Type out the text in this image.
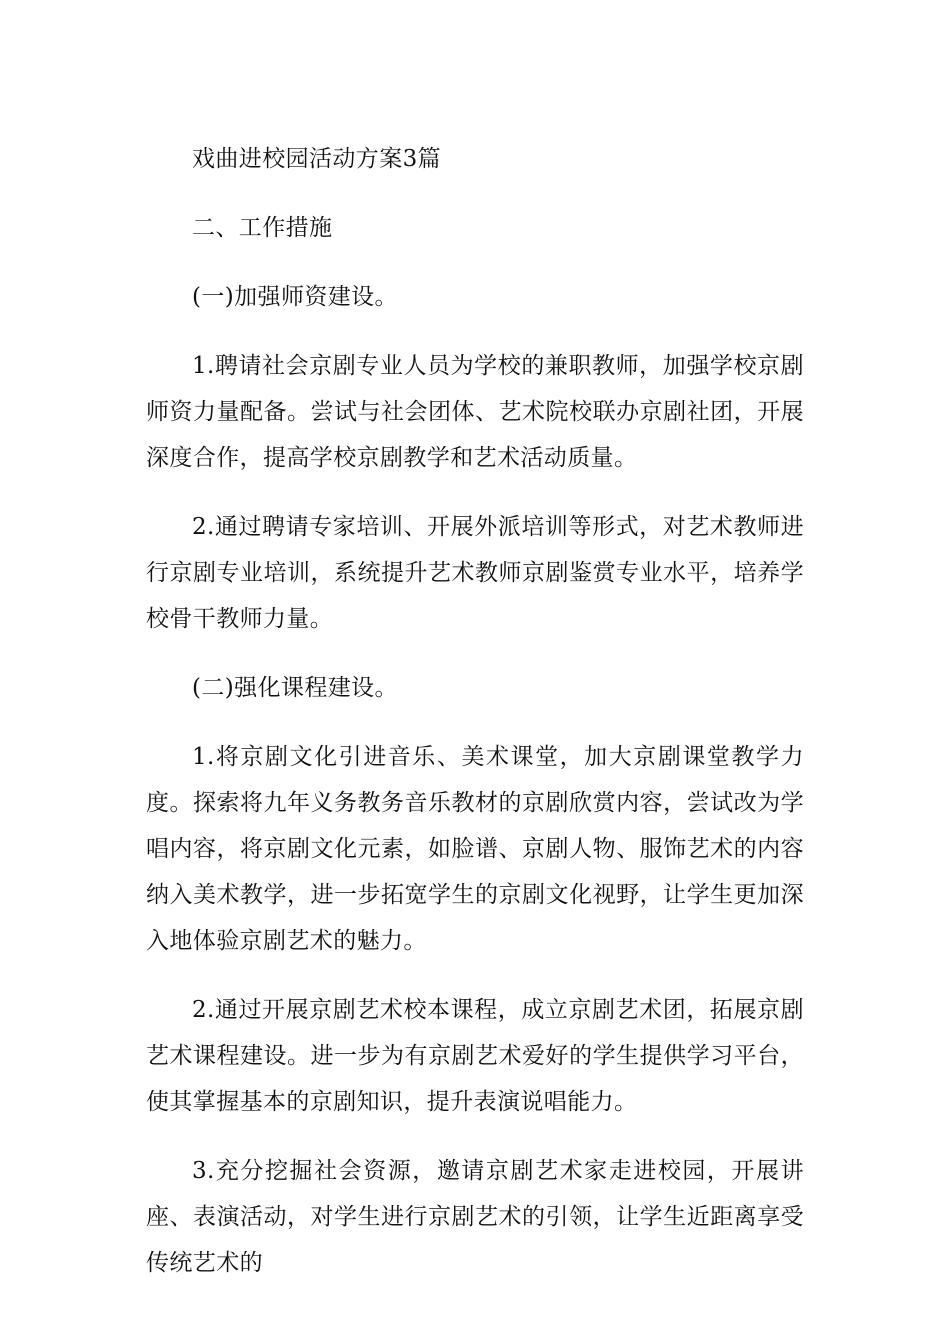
戏曲进校园活动方案3篇

二、工作措施

(一)加强师资建设。

1.聘请社会京剧专业人员为学校的兼职教师，加强学校京剧师资力量配备。尝试与社会团体、艺术院校联办京剧社团，开展深度合作，提高学校京剧教学和艺术活动质量。

2.通过聘请专家培训、开展外派培训等形式，对艺术教师进行京剧专业培训，系统提升艺术教师京剧鉴赏专业水平，培养学校骨干教师力量。

(二)强化课程建设。

1.将京剧文化引进音乐、美术课堂，加大京剧课堂教学力度。探索将九年义务教务音乐教材的京剧欣赏内容，尝试改为学唱内容，将京剧文化元素，如脸谱、京剧人物、服饰艺术的内容纳入美术教学，进一步拓宽学生的京剧文化视野，让学生更加深入地体验京剧艺术的魅力。

2.通过开展京剧艺术校本课程，成立京剧艺术团，拓展京剧艺术课程建设。进一步为有京剧艺术爱好的学生提供学习平台，使其掌握基本的京剧知识，提升表演说唱能力。

3.充分挖掘社会资源，邀请京剧艺术家走进校园，开展讲座、表演活动，对学生进行京剧艺术的引领，让学生近距离享受传统艺术的
